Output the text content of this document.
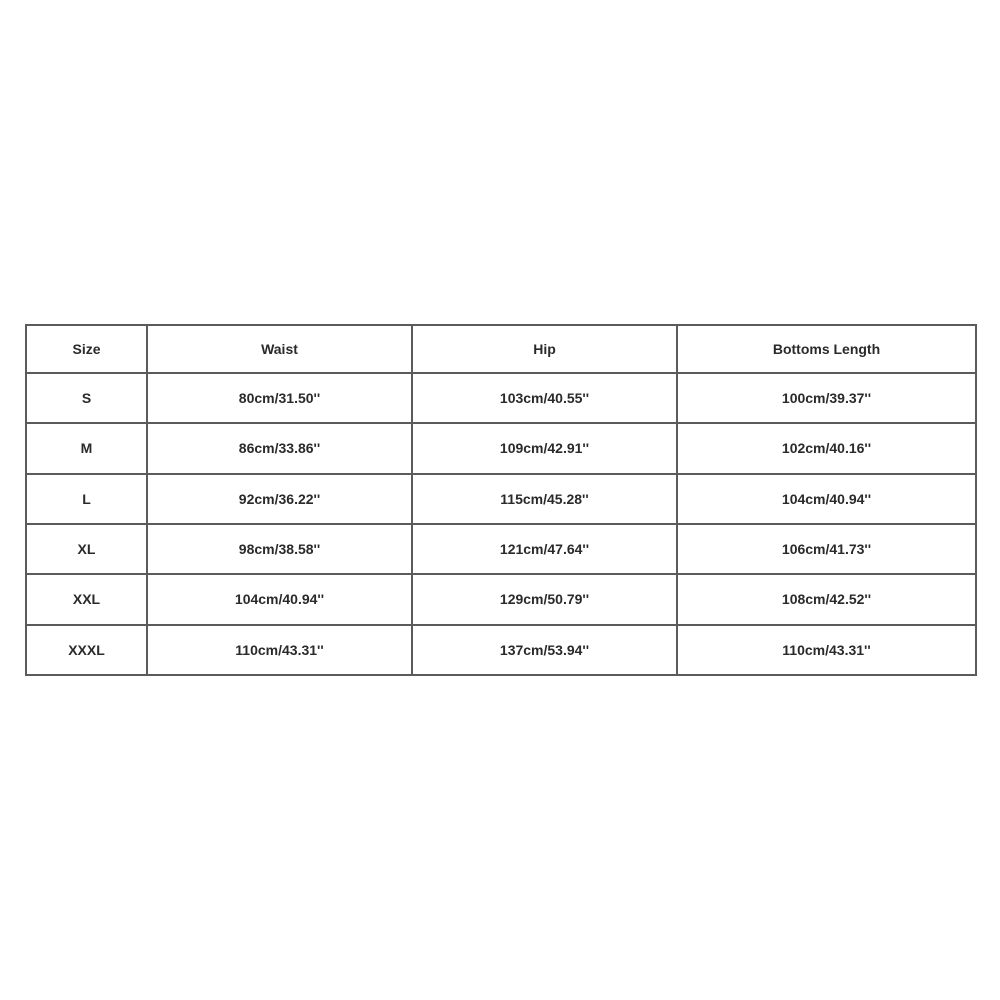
Size	Waist	Hip	Bottoms Length
S	80cm/31.50''	103cm/40.55''	100cm/39.37''
M	86cm/33.86''	109cm/42.91''	102cm/40.16''
L	92cm/36.22''	115cm/45.28''	104cm/40.94''
XL	98cm/38.58''	121cm/47.64''	106cm/41.73''
XXL	104cm/40.94''	129cm/50.79''	108cm/42.52''
XXXL	110cm/43.31''	137cm/53.94''	110cm/43.31''
